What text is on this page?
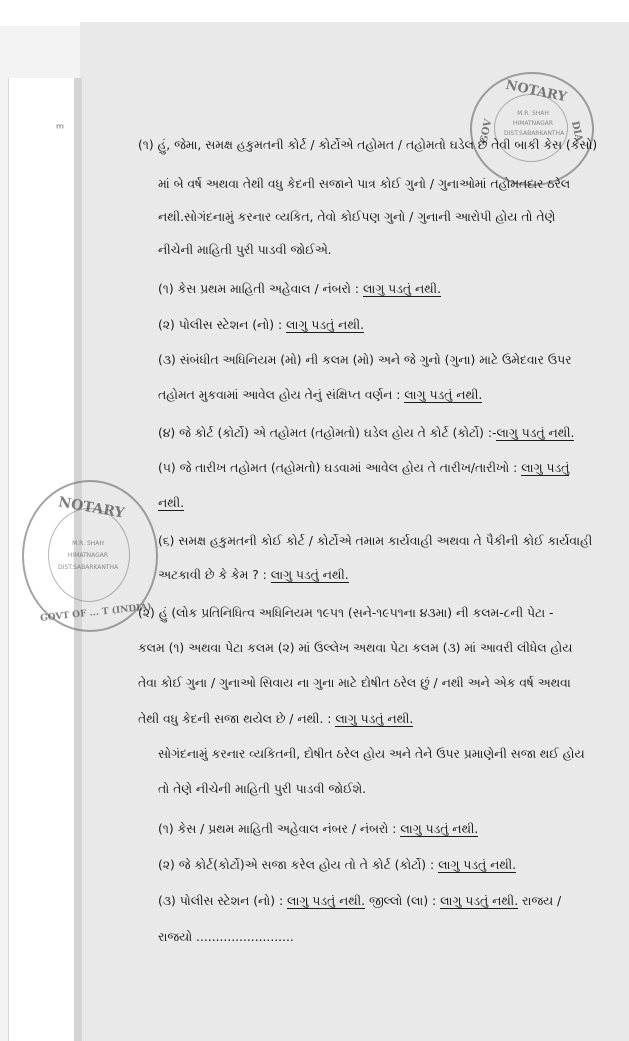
ᵐ
NOTARY
GOV	DIA
M.R. SHAH
HIMATNAGAR
DIST.SABARKANTHA
NOTARY
GOVT OF ... T (INDIA)
M.R. SHAH
HIMATNAGAR
DIST.SABARKANTHA
(૧) હું, જેમા, સમક્ષ હકુમતની કોર્ટ / કોર્ટોએ તહોમત / તહોમતો ઘડેલ છે તેવી બાકી કેસ (કેસો)
માં બે વર્ષ અથવા તેથી વધુ કેદની સજાને પાત્ર કોઈ ગુનો / ગુનાઓમાં તહોમતદાર ઠરેલ
નથી.સોગંદનામું કરનાર વ્યકિત, તેવો કોઈપણ ગુનો / ગુનાની આરોપી હોય તો તેણે
નીચેની માહિતી પુરી પાડવી જોઈએ.
(૧) કેસ પ્રથમ માહિતી અહેવાલ / નંબરો : લાગુ પડતું નથી.
(૨) પોલીસ સ્ટેશન (નો) : લાગુ પડતું નથી.
(૩) સંબંધીત અધિનિયમ (મો) ની કલમ (મો) અને જે ગુનો (ગુના) માટે ઉમેદવાર ઉપર
તહોમત મુકવામાં આવેલ હોય તેનું સંક્ષિપ્ત વર્ણન : લાગુ પડતું નથી.
(૪) જે કોર્ટ (કોર્ટો) એ તહોમત (તહોમતો) ઘડેલ હોય તે કોર્ટ (કોર્ટો) :-લાગુ પડતું નથી.
(૫) જે તારીખ તહોમત (તહોમતો) ઘડવામાં આવેલ હોય તે તારીખ/તારીખો : લાગુ પડતું
નથી.
(૬) સમક્ષ હકુમતની કોઈ કોર્ટ / કોર્ટોએ તમામ કાર્યવાહી અથવા તે પૈકીની કોઈ કાર્યવાહી
અટકાવી છે કે કેમ ? : લાગુ પડતું નથી.
(૨) હું (લોક પ્રતિનિધિત્વ અધિનિયમ ૧૯૫૧ (સને-૧૯૫૧ના ૪૩મા) ની કલમ-૮ની પેટા -
કલમ (૧) અથવા પેટા કલમ (૨) માં ઉલ્લેખ અથવા પેટા કલમ (૩) માં આવરી લીધેલ હોય
તેવા કોઈ ગુના / ગુનાઓ સિવાય ના ગુના માટે દોષીત ઠરેલ છું / નથી અને એક વર્ષ અથવા
તેથી વધુ કેદની સજા થયેલ છે / નથી. : લાગુ પડતું નથી.
સોગંદનામું કરનાર વ્યકિતની, દોષીત ઠરેલ હોય અને તેને ઉપર પ્રમાણેની સજા થઈ હોય
તો તેણે નીચેની માહિતી પુરી પાડવી જોઈશે.
(૧) કેસ / પ્રથમ માહિતી અહેવાલ નંબર / નંબરો : લાગુ પડતું નથી.
(૨) જે કોર્ટ(કોર્ટો)એ સજા કરેલ હોય તો તે કોર્ટ (કોર્ટો) : લાગુ પડતું નથી.
(૩) પોલીસ સ્ટેશન (નો) : લાગુ પડતું નથી. જીલ્લો (લા) : લાગુ પડતું નથી. રાજય /
રાજયો .........................
